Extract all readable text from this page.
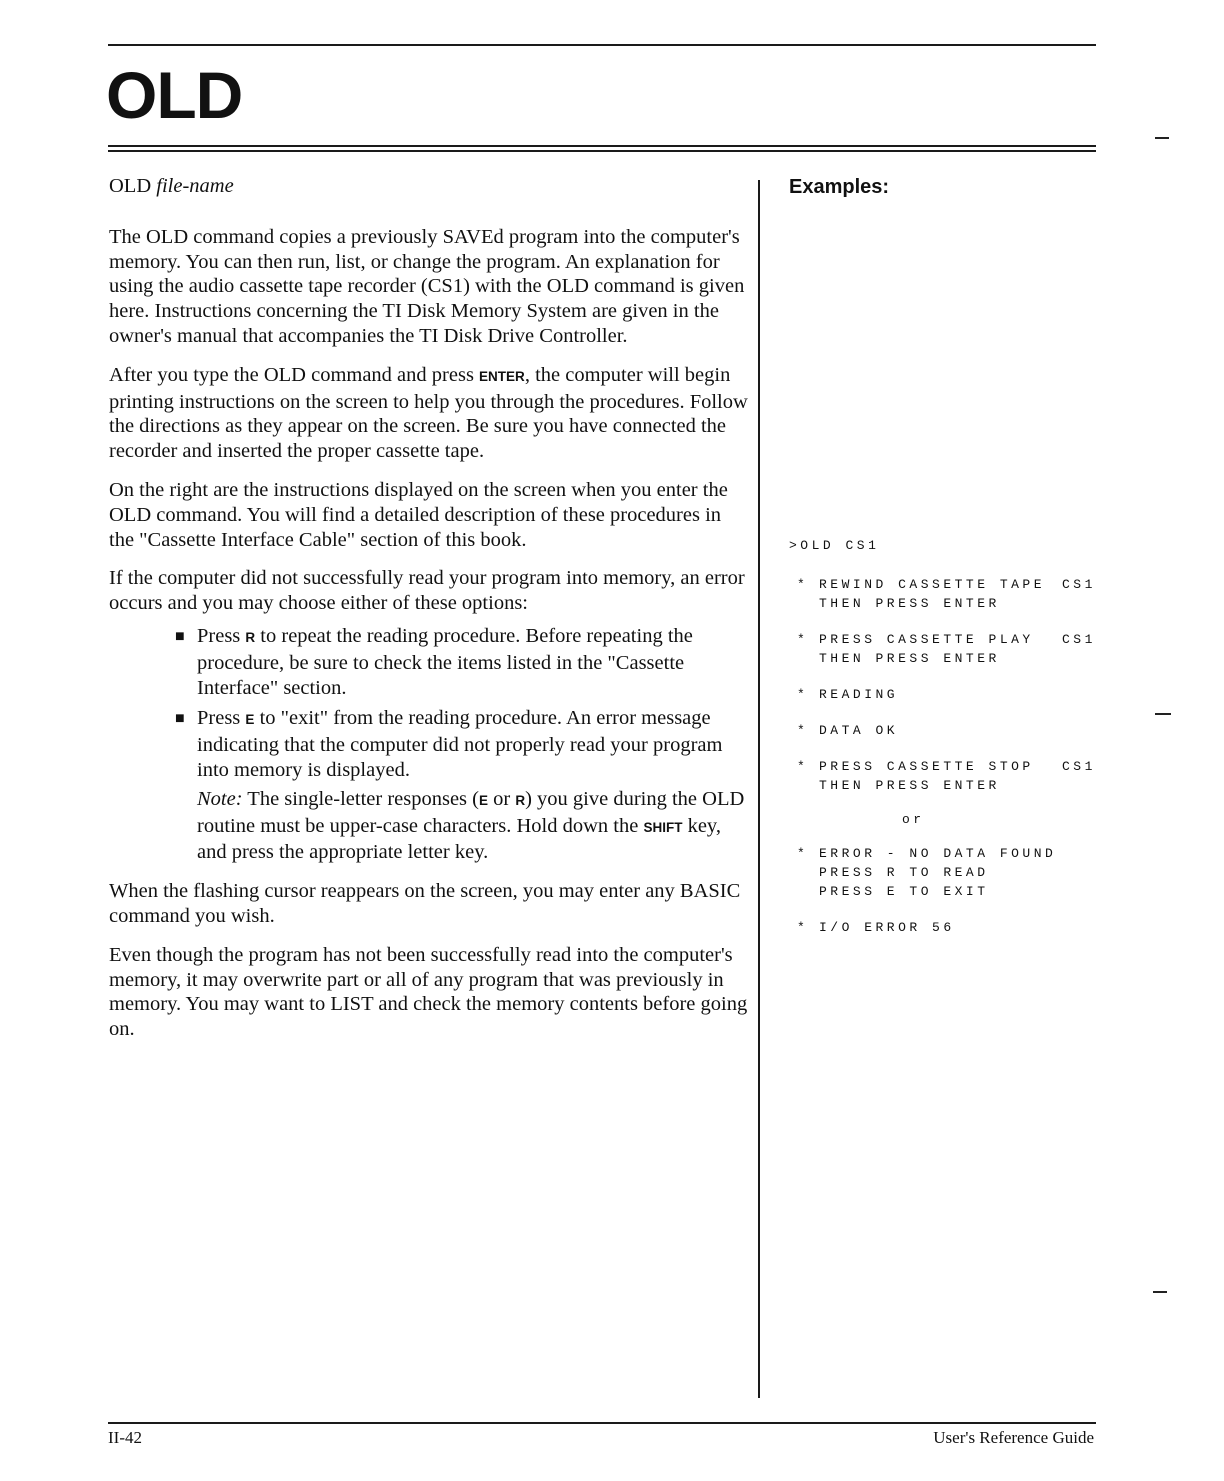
OLD

OLD file-name

The OLD command copies a previously SAVEd program into the computer's memory. You can then run, list, or change the program. An explanation for using the audio cassette tape recorder (CS1) with the OLD command is given here. Instructions concerning the TI Disk Memory System are given in the owner's manual that accompanies the TI Disk Drive Controller.

After you type the OLD command and press ENTER, the computer will begin printing instructions on the screen to help you through the procedures. Follow the directions as they appear on the screen. Be sure you have connected the recorder and inserted the proper cassette tape.

On the right are the instructions displayed on the screen when you enter the OLD command. You will find a detailed description of these procedures in the "Cassette Interface Cable" section of this book.

If the computer did not successfully read your program into memory, an error occurs and you may choose either of these options:

■ Press R to repeat the reading procedure. Before repeating the procedure, be sure to check the items listed in the "Cassette Interface" section.
■ Press E to "exit" from the reading procedure. An error message indicating that the computer did not properly read your program into memory is displayed.
Note: The single-letter responses (E or R) you give during the OLD routine must be upper-case characters. Hold down the SHIFT key, and press the appropriate letter key.

When the flashing cursor reappears on the screen, you may enter any BASIC command you wish.

Even though the program has not been successfully read into the computer's memory, it may overwrite part or all of any program that was previously in memory. You may want to LIST and check the memory contents before going on.

Examples:
>OLD CS1
* REWIND CASSETTE TAPE
THEN PRESS ENTER
CS1
* PRESS CASSETTE PLAY
THEN PRESS ENTER
CS1
* READING
* DATA OK
* PRESS CASSETTE STOP
THEN PRESS ENTER
CS1
or
* ERROR - NO DATA FOUND
PRESS R TO READ
PRESS E TO EXIT
* I/O ERROR 56
II-42	User's Reference Guide
